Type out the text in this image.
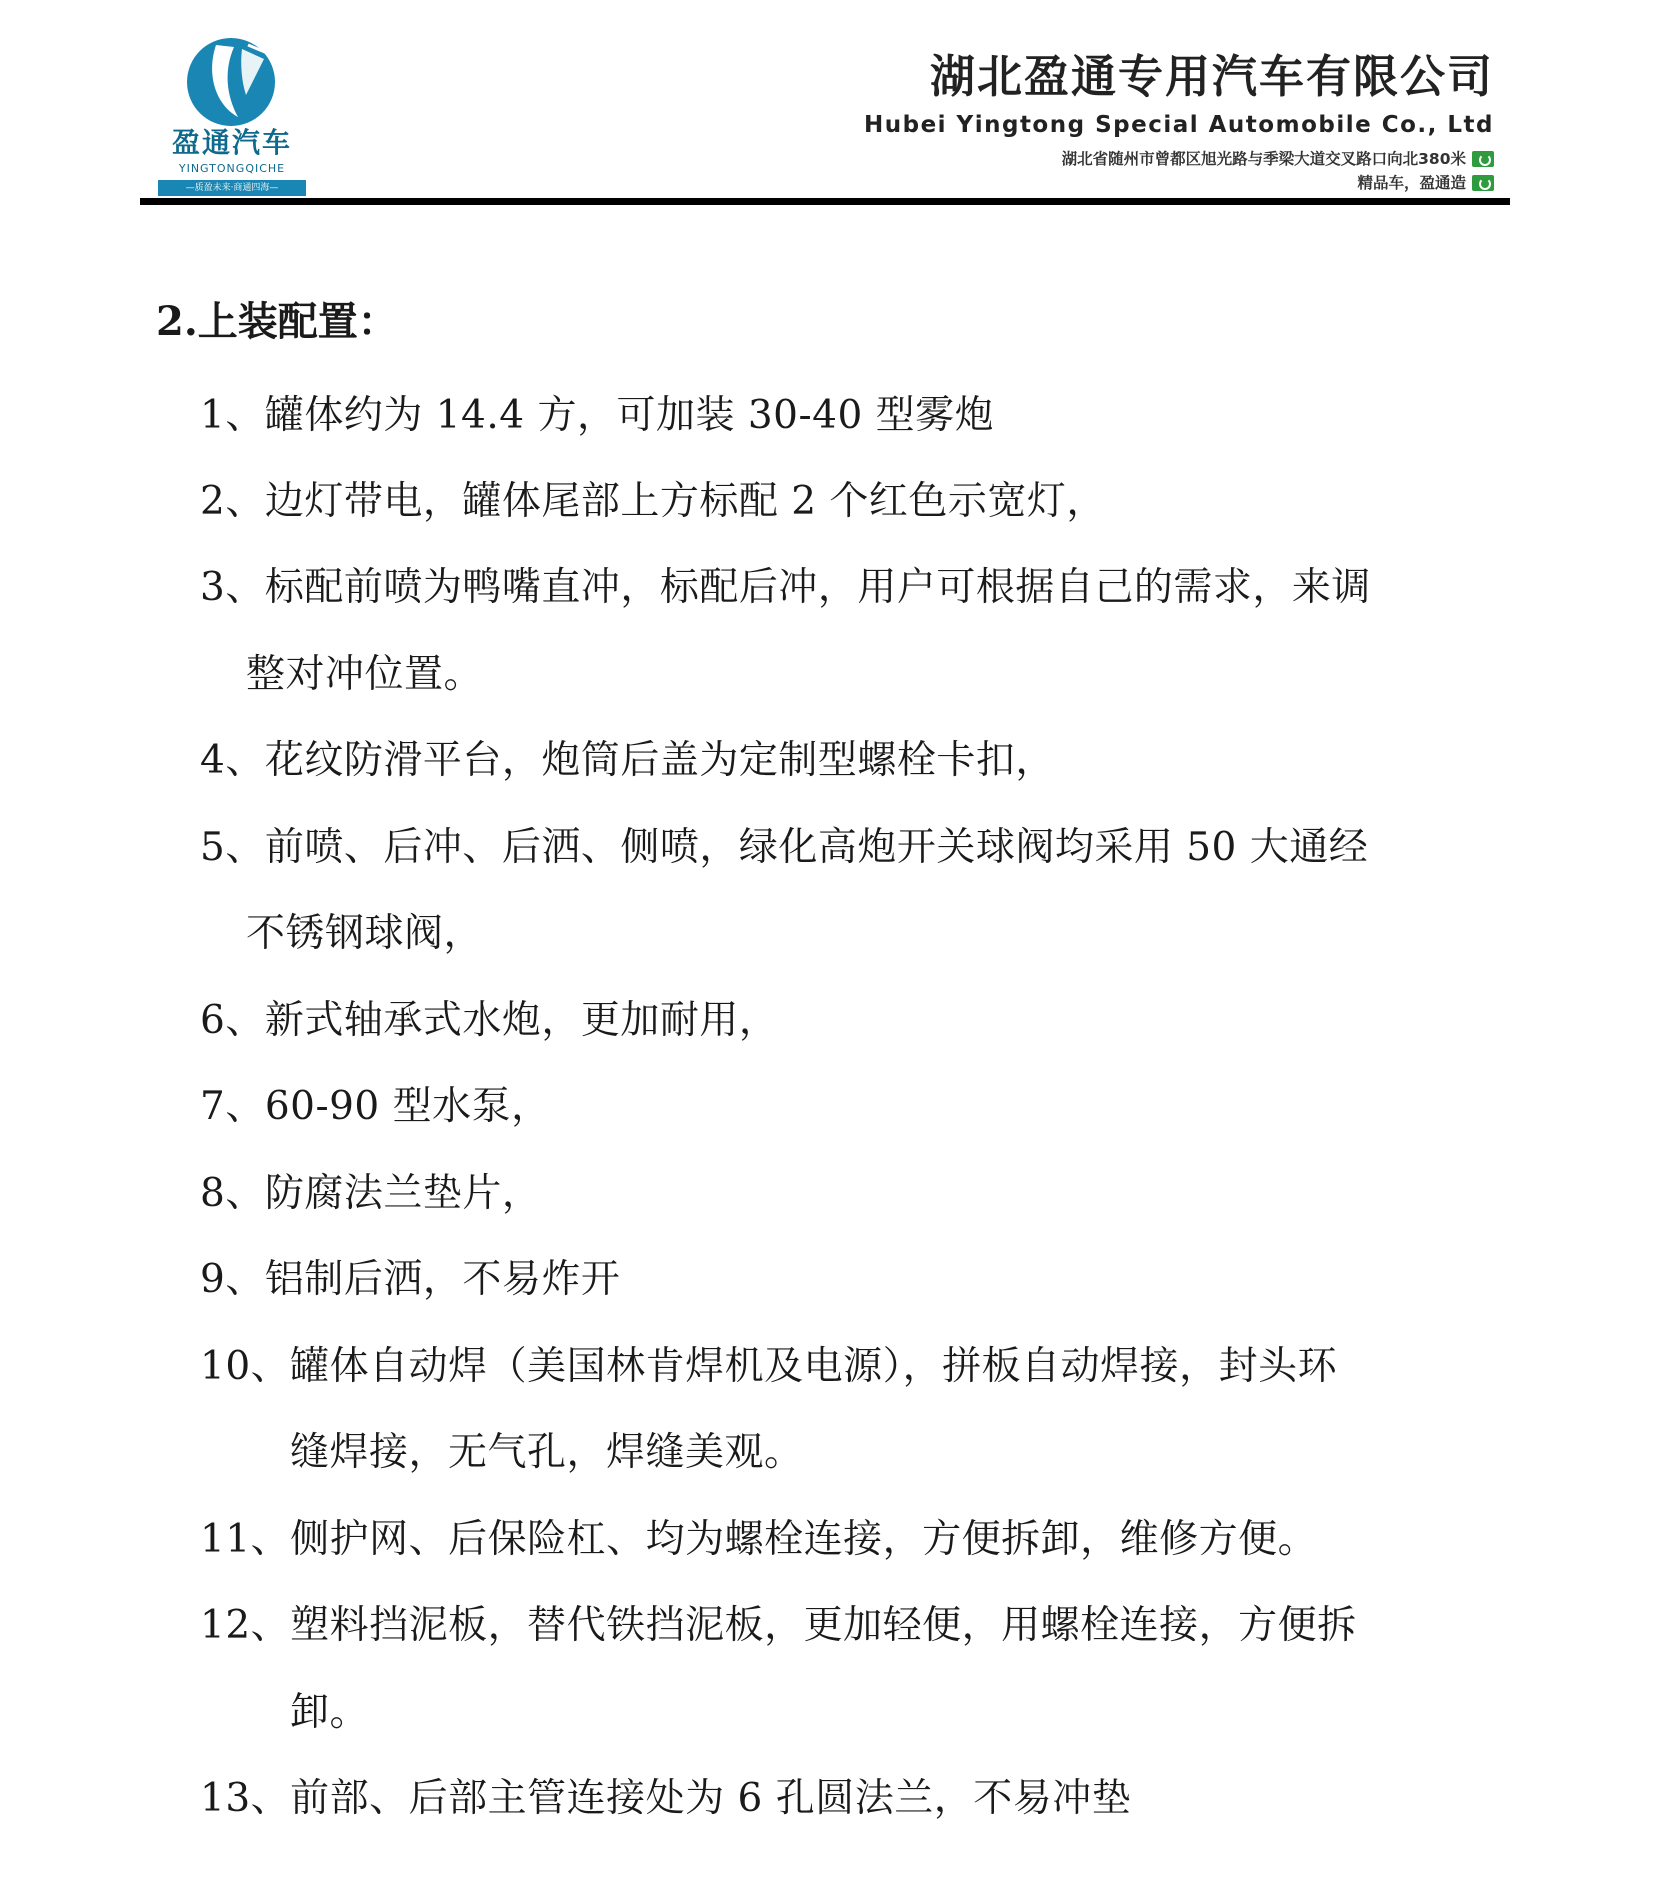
盈通汽车
YINGTONGQICHE
—质盈未来·商通四海—
湖北盈通专用汽车有限公司
Hubei Yingtong Special Automobile Co., Ltd
湖北省随州市曾都区旭光路与季梁大道交叉路口向北380米
精品车，盈通造
2.上装配置：
1、罐体约为 14.4 方，可加装 30-40 型雾炮
2、边灯带电，罐体尾部上方标配 2 个红色示宽灯，
3、标配前喷为鸭嘴直冲，标配后冲，用户可根据自己的需求，来调
整对冲位置。
4、花纹防滑平台，炮筒后盖为定制型螺栓卡扣，
5、前喷、后冲、后洒、侧喷，绿化高炮开关球阀均采用 50 大通经
不锈钢球阀，
6、新式轴承式水炮，更加耐用，
7、60-90 型水泵，
8、防腐法兰垫片，
9、铝制后洒，不易炸开
10、罐体自动焊（美国林肯焊机及电源），拼板自动焊接，封头环
缝焊接，无气孔，焊缝美观。
11、侧护网、后保险杠、均为螺栓连接，方便拆卸，维修方便。
12、塑料挡泥板，替代铁挡泥板，更加轻便，用螺栓连接，方便拆
卸。
13、前部、后部主管连接处为 6 孔圆法兰，不易冲垫
